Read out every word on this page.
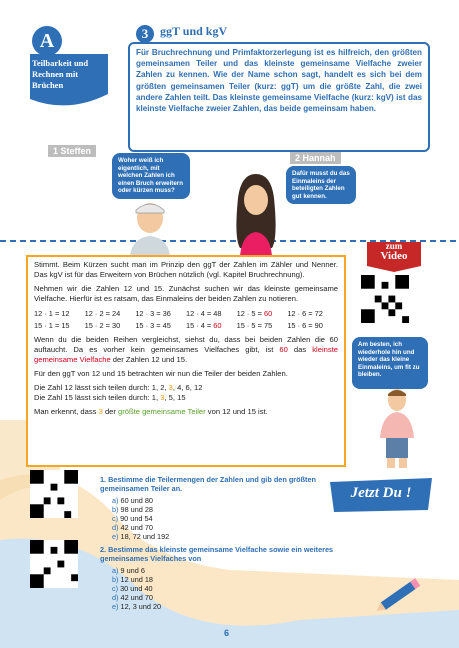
A
Teilbarkeit und Rechnen mit Brüchen
3 ggT und kgV
Für Bruchrechnung und Primfaktorzerlegung ist es hilfreich, den größten gemeinsamen Teiler und das kleinste gemeinsame Vielfache zweier Zahlen zu kennen. Wie der Name schon sagt, handelt es sich bei dem größten gemeinsamen Teiler (kurz: ggT) um die größte Zahl, die zwei andere Zahlen teilt. Das kleinste gemeinsame Vielfache (kurz: kgV) ist das kleinste Vielfache zweier Zahlen, das beide gemeinsam haben.
1 Steffen
Woher weiß ich eigentlich, mit welchen Zahlen ich einen Bruch erweitern oder kürzen muss?
2 Hannah
Dafür musst du das Einmaleins der beteiligten Zahlen gut kennen.
zum
Video

Stimmt. Beim Kürzen sucht man im Prinzip den ggT der Zahlen im Zähler und Nenner. Das kgV ist für das Erweitern von Brüchen nützlich (vgl. Kapitel Bruchrechnung).

Nehmen wir die Zahlen 12 und 15. Zunächst suchen wir das kleinste gemeinsame Vielfache. Hierfür ist es ratsam, das Einmaleins der beiden Zahlen zu notieren.

12 · 1 = 12	12 · 2 = 24	12 · 3 = 36	12 · 4 = 48	12 · 5 = 60	12 · 6 = 72
15 · 1 = 15	15 · 2 = 30	15 · 3 = 45	15 · 4 = 60	15 · 5 = 75	15 · 6 = 90

Wenn du die beiden Reihen vergleichst, siehst du, dass bei beiden Zahlen die 60 auftaucht. Da es vorher kein gemeinsames Vielfaches gibt, ist 60 das kleinste gemeinsame Vielfache der Zahlen 12 und 15.

Für den ggT von 12 und 15 betrachten wir nun die Teiler der beiden Zahlen.

Die Zahl 12 lässt sich teilen durch: 1, 2, 3, 4, 6, 12
Die Zahl 15 lässt sich teilen durch: 1, 3, 5, 15
Man erkennt, dass 3 der größte gemeinsame Teiler von 12 und 15 ist.
Am besten, ich wiederhole hin und wieder das kleine Einmaleins, um fit zu bleiben.
1. Bestimme die Teilermengen der Zahlen und gib den größten gemeinsamen Teiler an.
a) 60 und 80
b) 98 und 28
c) 90 und 54
d) 42 und 70
e) 18, 72 und 192
2. Bestimme das kleinste gemeinsame Vielfache sowie ein weiteres gemeinsames Vielfaches von
a) 9 und 6
b) 12 und 18
c) 30 und 40
d) 42 und 70
e) 12, 3 und 20
Jetzt Du !
6
